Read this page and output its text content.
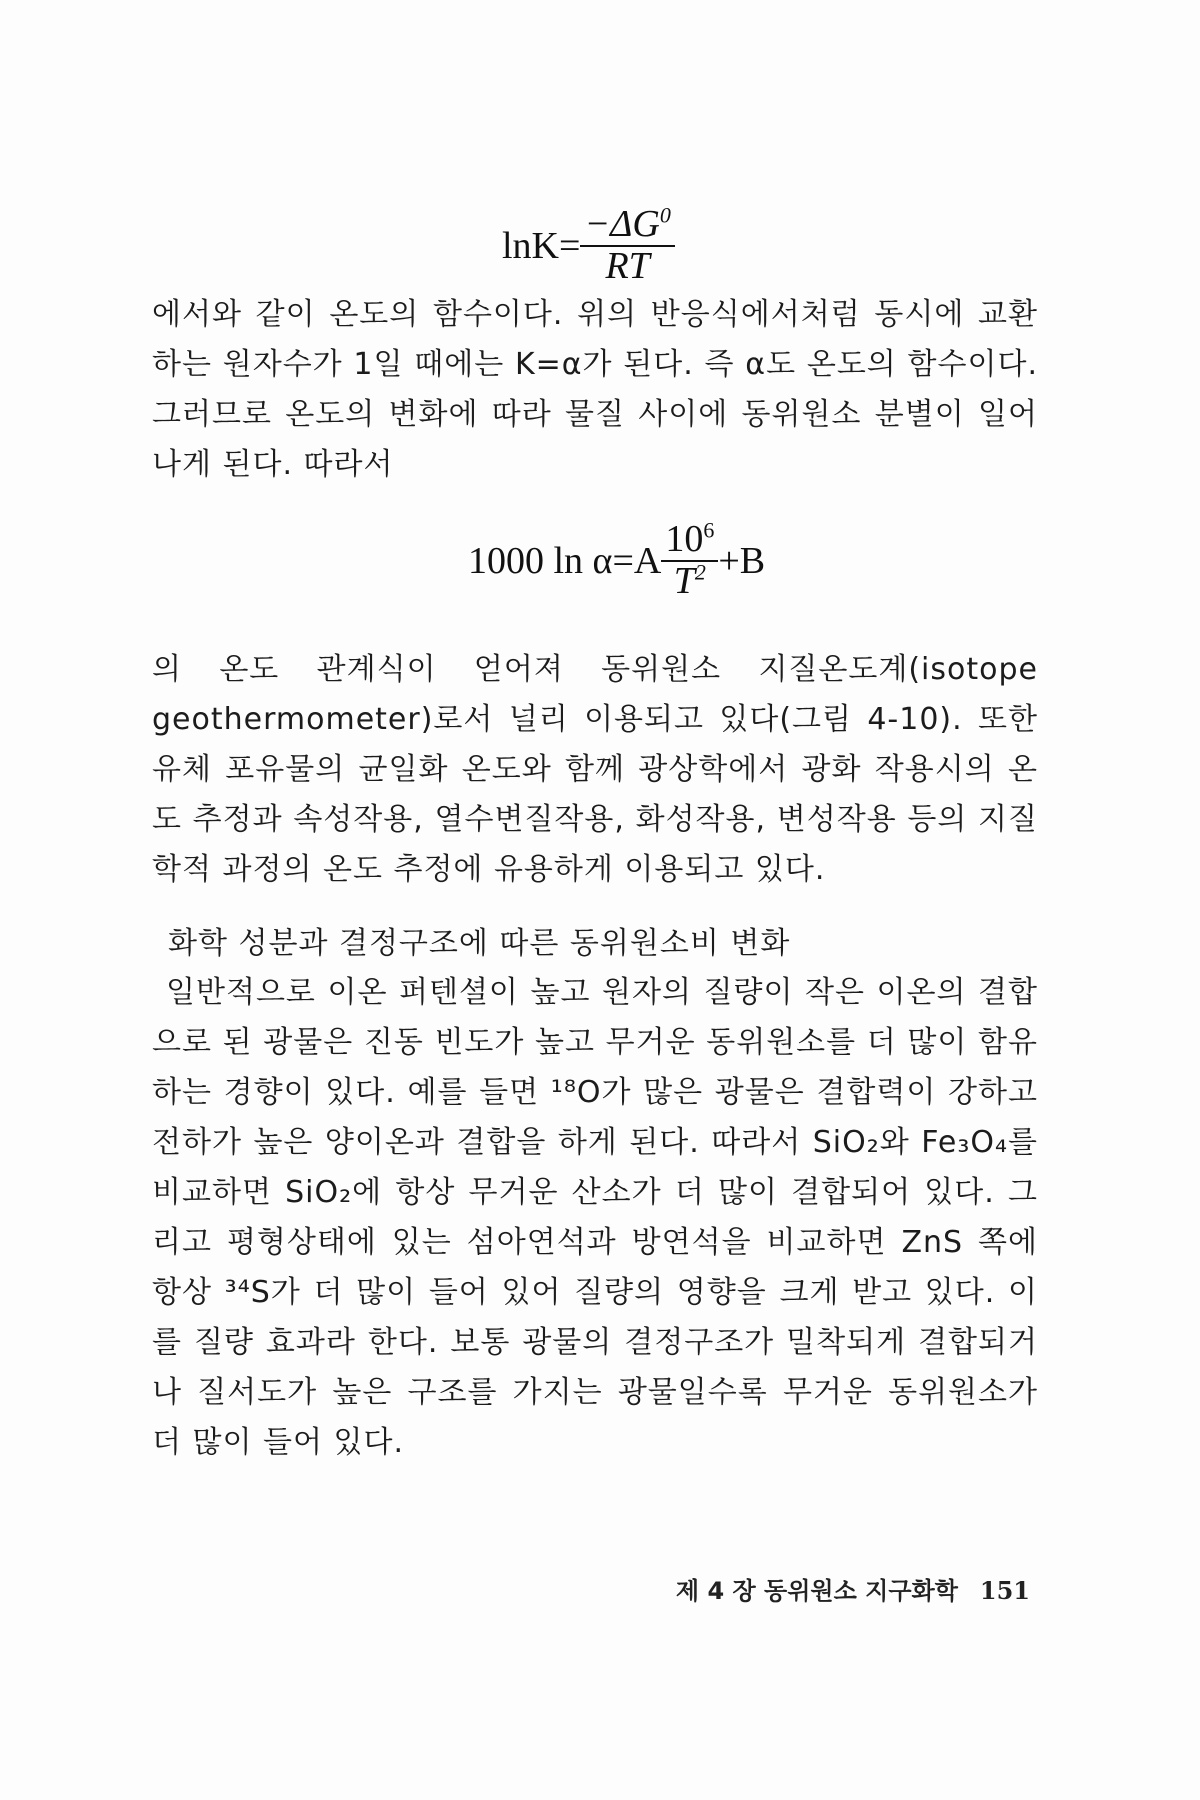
$\ln K= \frac{-\Delta G^0}{RT}$

에서와 같이 온도의 함수이다. 위의 반응식에서처럼 동시에 교환하는 원자수가 1일 때에는 K=α가 된다. 즉 α도 온도의 함수이다. 그러므로 온도의 변화에 따라 물질 사이에 동위원소 분별이 일어나게 된다. 따라서

1000 $\ln \alpha=A \frac{10^6}{T^2} +B$

의 온도 관계식이 얻어져 동위원소 지질온도계(isotope geothermometer)로서 널리 이용되고 있다(그림 4-10). 또한 유체 포유물의 균일화 온도와 함께 광상학에서 광화 작용시의 온도 추정과 속성작용, 열수변질작용, 화성작용, 변성작용 등의 지질학적 과정의 온도 추정에 유용하게 이용되고 있다.

화학 성분과 결정구조에 따른 동위원소비 변화

일반적으로 이온 퍼텐셜이 높고 원자의 질량이 작은 이온의 결합으로 된 광물은 진동 빈도가 높고 무거운 동위원소를 더 많이 함유하는 경향이 있다. 예를 들면 ¹⁸O가 많은 광물은 결합력이 강하고 전하가 높은 양이온과 결합을 하게 된다. 따라서 SiO₂와 Fe₃O₄를 비교하면 SiO₂에 항상 무거운 산소가 더 많이 결합되어 있다. 그리고 평형상태에 있는 섬아연석과 방연석을 비교하면 ZnS 쪽에 항상 ³⁴S가 더 많이 들어 있어 질량의 영향을 크게 받고 있다. 이를 질량 효과라 한다. 보통 광물의 결정구조가 밀착되게 결합되거나 질서도가 높은 구조를 가지는 광물일수록 무거운 동위원소가 더 많이 들어 있다.

제 4 장 동위원소 지구화학 151
